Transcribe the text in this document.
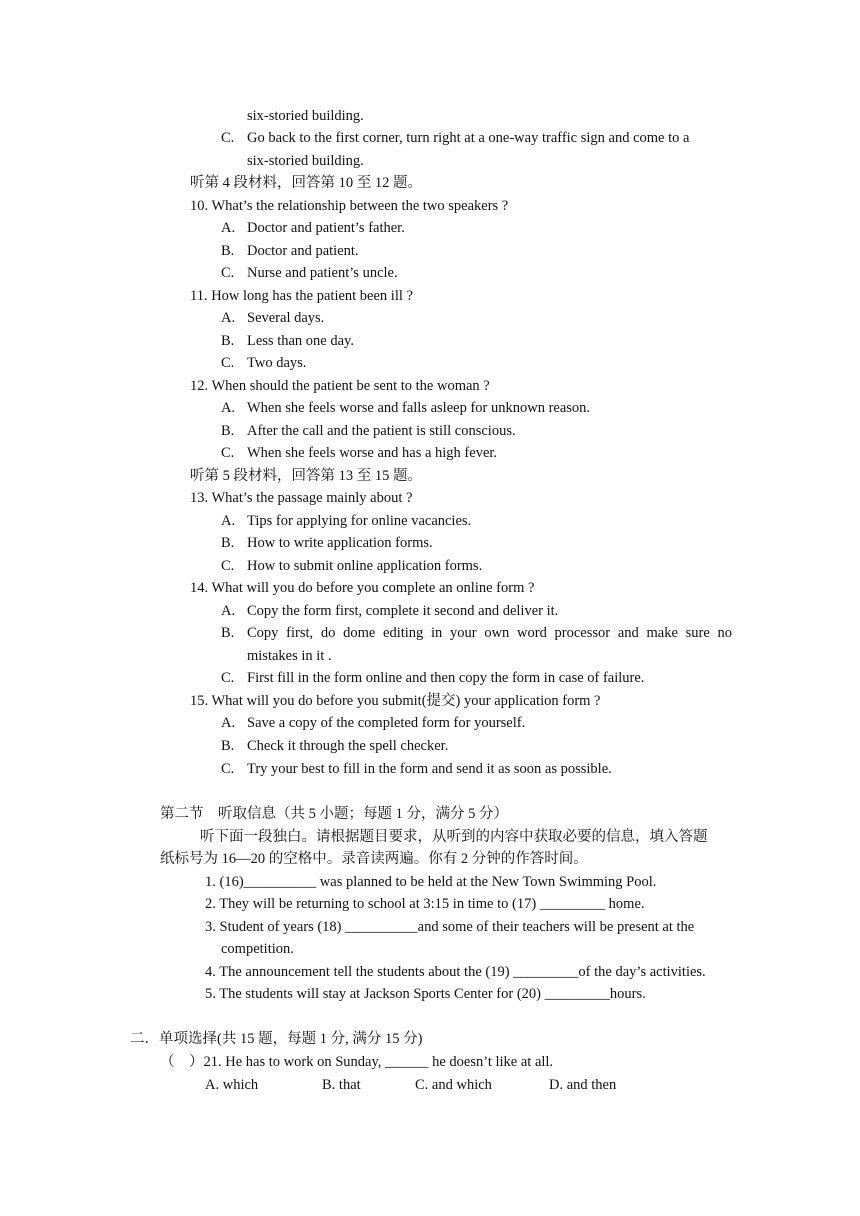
six-storied building.
C. Go back to the first corner, turn right at a one-way traffic sign and come to a
six-storied building.
听第 4 段材料，回答第 10 至 12 题。
10. What’s the relationship between the two speakers ?
A. Doctor and patient’s father.
B. Doctor and patient.
C. Nurse and patient’s uncle.
11. How long has the patient been ill ?
A. Several days.
B. Less than one day.
C. Two days.
12. When should the patient be sent to the woman ?
A. When she feels worse and falls asleep for unknown reason.
B. After the call and the patient is still conscious.
C. When she feels worse and has a high fever.
听第 5 段材料，回答第 13 至 15 题。
13. What’s the passage mainly about ?
A. Tips for applying for online vacancies.
B. How to write application forms.
C. How to submit online application forms.
14. What will you do before you complete an online form ?
A. Copy the form first, complete it second and deliver it.
B. Copy first, do dome editing in your own word processor and make sure no
mistakes in it .
C. First fill in the form online and then copy the form in case of failure.
15. What will you do before you submit(提交) your application form ?
A. Save a copy of the completed form for yourself.
B. Check it through the spell checker.
C. Try your best to fill in the form and send it as soon as possible.
第二节    听取信息（共 5 小题；每题 1 分，满分 5 分）
听下面一段独白。请根据题目要求，从听到的内容中获取必要的信息，填入答题
纸标号为 16—20 的空格中。录音读两遍。你有 2 分钟的作答时间。
1. (16)__________ was planned to be held at the New Town Swimming Pool.
2. They will be returning to school at 3:15 in time to (17) _________ home.
3. Student of years (18) __________and some of their teachers will be present at the
competition.
4. The announcement tell the students about the (19) _________of the day’s activities.
5. The students will stay at Jackson Sports Center for (20) _________hours.
二．单项选择(共 15 题，每题 1 分, 满分 15 分)
（    ）21. He has to work on Sunday, ______ he doesn’t like at all.
A. which	B. that	C. and which	D. and then
